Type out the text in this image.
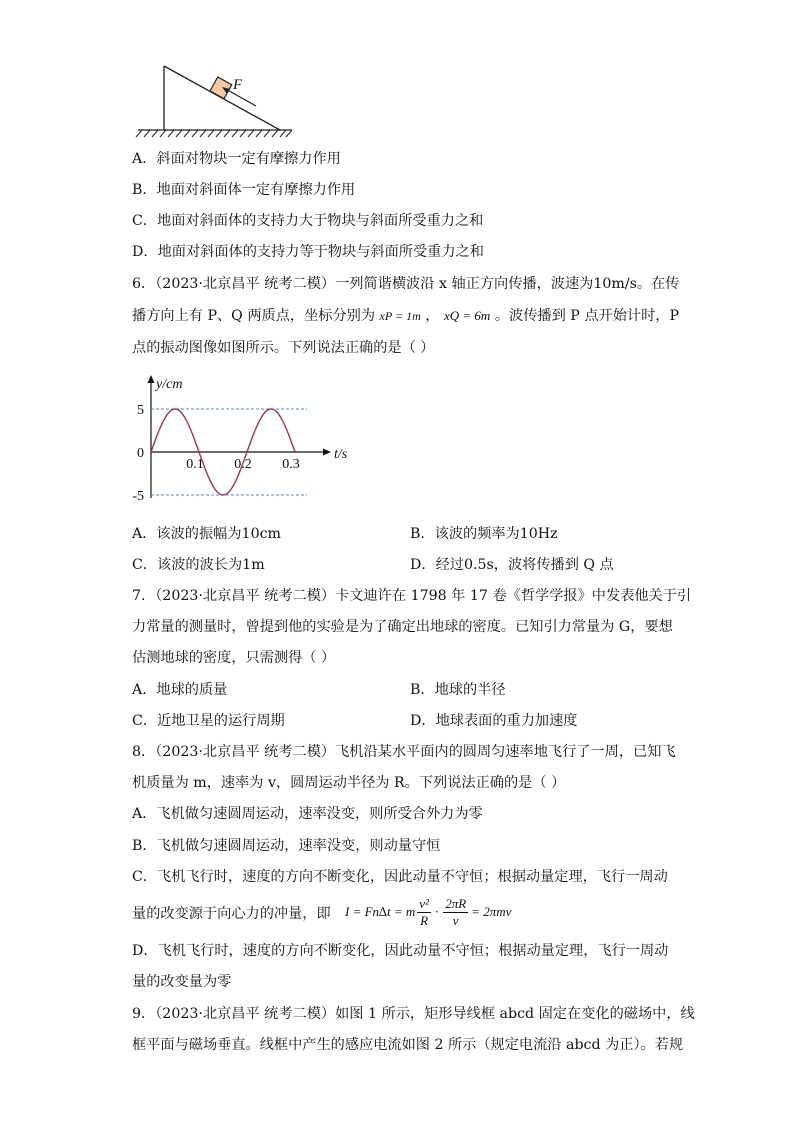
F
A．斜面对物块一定有摩擦力作用
B．地面对斜面体一定有摩擦力作用
C．地面对斜面体的支持力大于物块与斜面所受重力之和
D．地面对斜面体的支持力等于物块与斜面所受重力之和
6．（2023·北京昌平 统考二模）一列简谐横波沿 x 轴正方向传播，波速为10m/s。在传
播方向上有 P、Q 两质点，坐标分别为 xP = 1m ， xQ = 6m 。波传播到 P 点开始计时，P
点的振动图像如图所示。下列说法正确的是（ ）
y/cm
t/s
5
0
-5
0.1 0.2 0.3
A．该波的振幅为10cm	B．该波的频率为10Hz
C．该波的波长为1m	D．经过0.5s，波将传播到 Q 点
7．（2023·北京昌平 统考二模）卡文迪许在 1798 年 17 卷《哲学学报》中发表他关于引
力常量的测量时，曾提到他的实验是为了确定出地球的密度。已知引力常量为 G，要想
估测地球的密度，只需测得（ ）
A．地球的质量	B．地球的半径
C．近地卫星的运行周期	D．地球表面的重力加速度
8．（2023·北京昌平 统考二模）飞机沿某水平面内的圆周匀速率地飞行了一周，已知飞
机质量为 m，速率为 v，圆周运动半径为 R。下列说法正确的是（ ）
A．飞机做匀速圆周运动，速率没变，则所受合外力为零
B．飞机做匀速圆周运动，速率没变，则动量守恒
C．飞机飞行时，速度的方向不断变化，因此动量不守恒；根据动量定理，飞行一周动
量的改变源于向心力的冲量，即 I = Fn∆t = m $\frac{\text{v²}}{R} \cdot \frac{2\pi R}{v} = 2\pi mv$
D．飞机飞行时，速度的方向不断变化，因此动量不守恒；根据动量定理，飞行一周动
量的改变量为零
9．（2023·北京昌平 统考二模）如图 1 所示，矩形导线框 abcd 固定在变化的磁场中，线
框平面与磁场垂直。线框中产生的感应电流如图 2 所示（规定电流沿 abcd 为正）。若规
